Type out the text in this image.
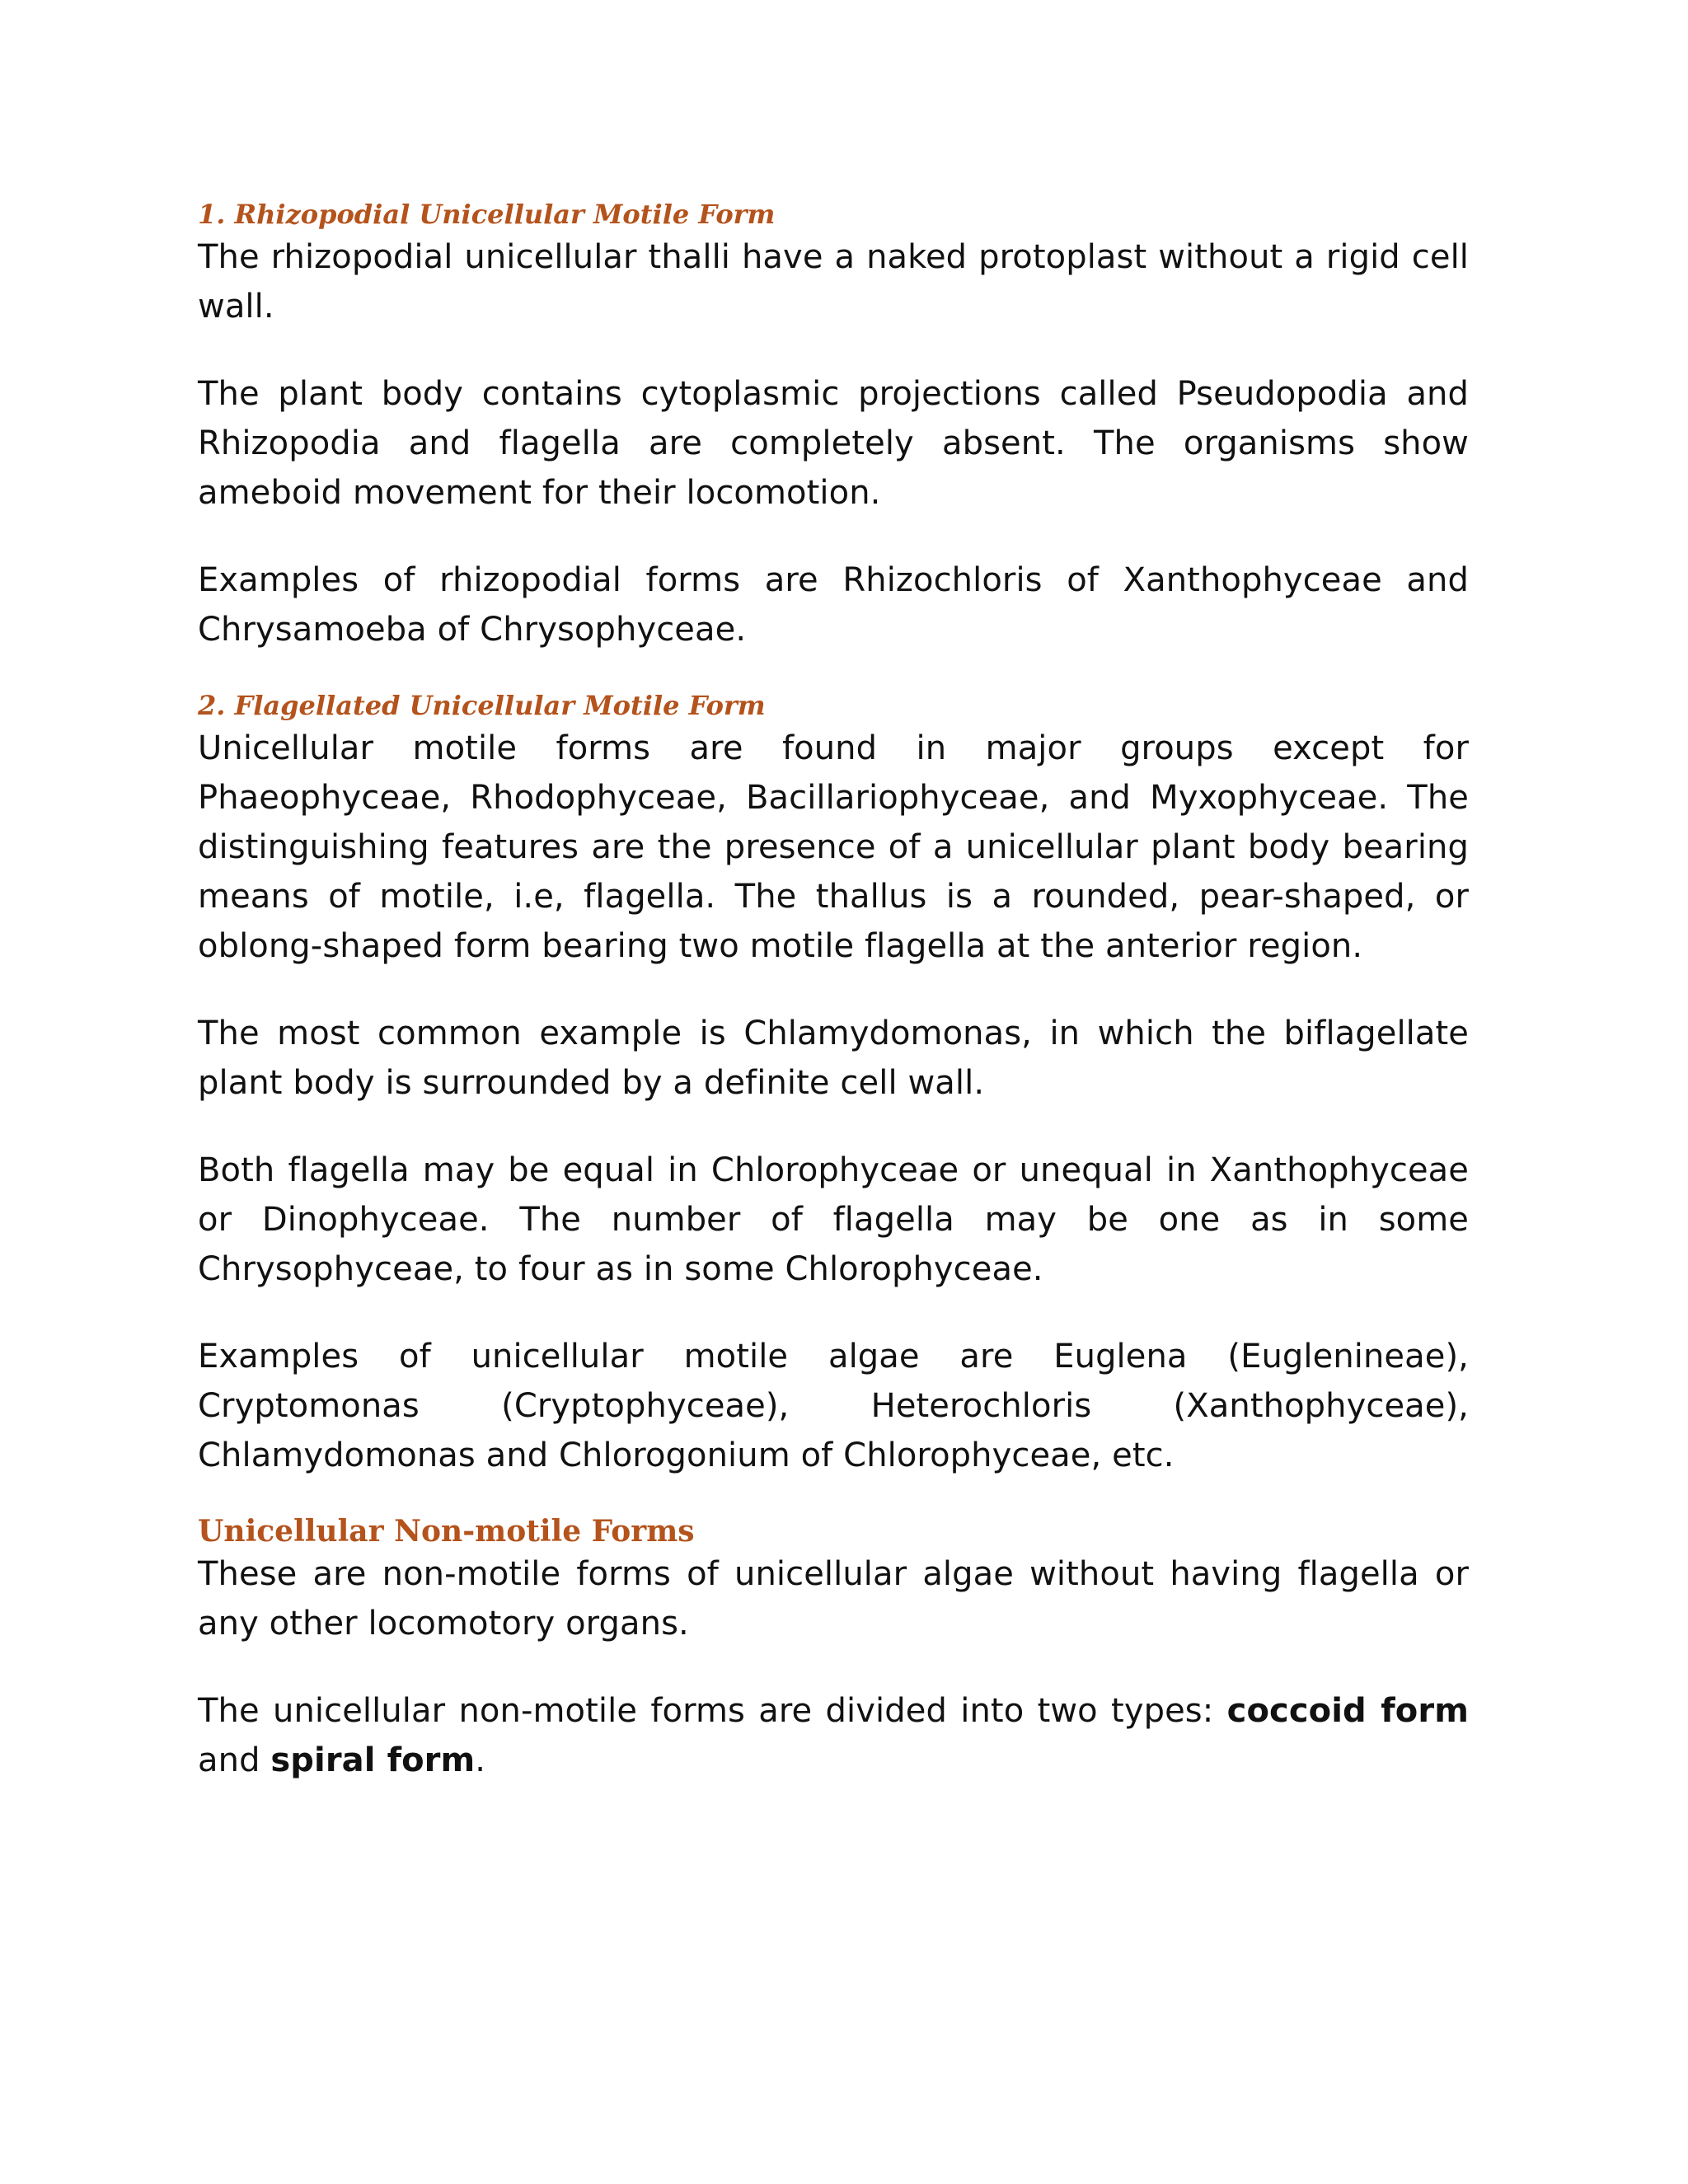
1. Rhizopodial Unicellular Motile Form

The rhizopodial unicellular thalli have a naked protoplast without a rigid cell wall.

The plant body contains cytoplasmic projections called Pseudopodia and Rhizopodia and flagella are completely absent. The organisms show ameboid movement for their locomotion.

Examples of rhizopodial forms are Rhizochloris of Xanthophyceae and Chrysamoeba of Chrysophyceae.

2. Flagellated Unicellular Motile Form

Unicellular motile forms are found in major groups except for Phaeophyceae, Rhodophyceae, Bacillariophyceae, and Myxophyceae. The distinguishing features are the presence of a unicellular plant body bearing means of motile, i.e, flagella. The thallus is a rounded, pear-shaped, or oblong-shaped form bearing two motile flagella at the anterior region.

The most common example is Chlamydomonas, in which the biflagellate plant body is surrounded by a definite cell wall.

Both flagella may be equal in Chlorophyceae or unequal in Xanthophyceae or Dinophyceae. The number of flagella may be one as in some Chrysophyceae, to four as in some Chlorophyceae.

Examples of unicellular motile algae are Euglena (Euglenineae), Cryptomonas (Cryptophyceae), Heterochloris (Xanthophyceae), Chlamydomonas and Chlorogonium of Chlorophyceae, etc.

Unicellular Non-motile Forms

These are non-motile forms of unicellular algae without having flagella or any other locomotory organs.

The unicellular non-motile forms are divided into two types: coccoid form and spiral form.
